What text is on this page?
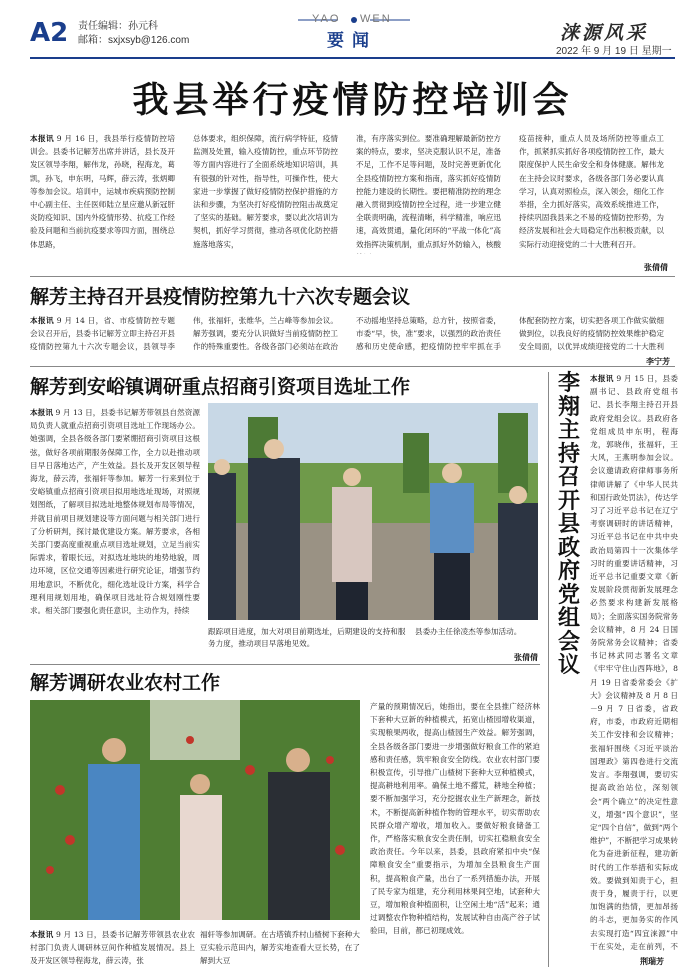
A2 责任编辑：孙元科
邮箱：sxjxsyb@126.com
YAO WEN
要闻	涞源风采
2022 年 9 月 19 日 星期一
我县举行疫情防控培训会
本报讯 9 月 16 日，我县举行疫情防控培训会。县委书记解芳出席并讲话，县长及开发区领导李翔，解伟龙，孙晓，程海龙，葛凯，孙飞，申东明，马辉，薛云涛，张炳卿等参加会议。培训中，运城市疾病预防控制中心副主任、主任医师陆立星应邀从新冠肝炎防疫知识、国内外疫情形势、抗疫工作经验及问题和当前抗疫要求等四方面，围绕总体思路，
总体要求，组织保障，流行病学特征，疫情监测及处置，输入疫情防控，重点环节防控等方面内容进行了全面系统地知识培训，具有很强的针对性，指导性，可操作性，使大家进一步掌握了做好疫情防控保护措施的方法和步骤，为坚决打好疫情防控阻击战奠定了坚实的基础。解芳要求，要以此次培训为契机，抓好学习贯彻，推动各项优化防控措施落地落实，
准，有序落实到位。要准确理解最新防控方案的特点，要求，坚决克服认识不足，准备不足，工作不足等问题，及时完善更新优化全县疫情防控方案和指南，落实抓好疫情防控能力建设的长期性。要把精准防控的理念融入贯彻到疫情防控全过程，进一步建立健全联责明确，流程清晰，科学精准，响应迅速，高效贯通，量化闭环的“平战一体化”高效指挥决策机制，重点抓好外防输入，核酸
疫苗接种，重点人员及场所防控等重点工作，抓紧抓实抓好各项疫情防控工作，最大限度保护人民生命安全和身体健康。解伟龙在主持会议时要求，各级各部门务必要认真学习，认真对照检点，深入领会，细化工作举措，全力抓好落实，高效系统推进工作，持续巩固我县来之不易的疫情防控形势，为经济发展和社会大局稳定作出积极贡献，以实际行动迎接党的二十大胜利召开。
张倩倩
解芳主持召开县疫情防控第九十六次专题会议
本报讯 9 月 14 日，省、市疫情防控专题会议召开后，县委书记解芳立即主持召开县疫情防控第九十六次专题会议，县领导李
伟，张福轩，张维华，兰占峰等参加会议。解芳强调，要充分认识做好当前疫情防控工作的特殊重要性。各级各部门必须站在政治
不动摇地坚持总策略，总方针，按照省委，市委“早，快，准”要求，以强烈的政治责任感和历史使命感，把疫情防控牢牢抓在手
体配套防控方案，切实把各项工作做实做细做到位，以我良好的疫情防控效果维护稳定安全局面，以优异成绩迎接党的二十大胜利
李宁芳
解芳到安峪镇调研重点招商引资项目选址工作
本报讯 9 月 13 日，县委书记解芳带领县自然资源局负责人就重点招商引资项目选址工作现场办公。她强调，全县各级各部门要紧绷招商引资项目这根弦，做好各项前期服务保障工作，全力以赴推动项目早日落地达产，产生效益。县长及开发区领导程海龙，薛云涛，张福轩等参加。解芳一行来到位于安峪镇重点招商引资项目拟用地选址现场，对照规划图纸，了解项目拟选址地整体规划布局等情况，并就目前项目规划建设等方面问题与相关部门进行了分析研判，探讨最优建设方案。解芳要求，各相关部门要高度重视重点项目选址规划，立足当前实际需求，着眼长远，对拟选址地块的地势地貌，周边环境，区位交通等因素进行研究论证，增强节约用地意识，不断优化，细化选址设计方案，科学合理利用规划用地，确保项目选址符合规划刚性要求。相关部门要强化责任意识，主动作为，持续
跟踪项目进度，加大对项目前期选址，后期建设的支持和服务力度，推动项目早落地见效。
县委办主任徐凌杰等参加活动。
张倩倩
李翔主持召开县政府党组会议
本报讯 9 月 15 日，县委副书记、县政府党组书记、县长李翔主持召开县政府党组会议。县政府各党组成员申东明，程海龙，郭晓伟，张福轩，王大风，王燕明参加会议。会议邀请政府律师事务所律师讲解了《中华人民共和国行政处罚法》，传达学习了习近平总书记在辽宁考察调研时的讲话精神，习近平总书记在中共中央政治局第四十一次集体学习时的重要讲话精神，习近平总书记重要文章《新发展阶段贯彻新发展理念必然要求构建新发展格局》；全面落实国务院常务会议精神，8 月 24 日国务院常务会议精神；省委书记林武同志署名文章《牢牢守住山西阵地》，8 月 19 日省委常委会《扩大》会议精神及 8 月 8 日－9 月 7 日省委，省政府，市委，市政府近期相关工作安排和会议精神；张福轩围绕《习近平谈治国理政》第四卷进行交流发言。李翔强调，要切实提高政治站位，深刻领会“两个确立”的决定性意义，增强“四个意识”，坚定“四个自信”，做到“两个维护”，不断把学习成果转化为奋进新征程，建功新时代的工作举措和实际成效。要做到知责于心，担责于身，履责于行，以更加饱满的热情，更加昂扬的斗志，更加务实的作风去实现打造“四宜涞源”中干在实处，走在前列，不
荆瑞芳
解芳调研农业农村工作
本报讯 9 月 13 日，县委书记解芳带领县农业农村部门负责人调研林豆间作种植发展情况。县上及开发区领导程海龙，薛云涛，张
福轩等参加调研。在古塔镇乔村山楂树下套种大豆实验示范田内，解芳实地查看大豆长势，在了解到大豆
产量的预期情况后，她指出，要在全县推广经济林下套种大豆新的种植模式，拓宽山楂园增收渠道，实现粮果两收，提高山楂园生产效益。解芳强调，全县各级各部门要进一步增强做好粮食工作的紧迫感和责任感，筑牢粮食安全防线。农业农村部门要积极宣传，引导推广山楂树下套种大豆种植模式，提高耕地利用率。确保土地不撂荒，耕地全种植；要不断加强学习，充分挖掘农业生产新理念，新技术，不断提高新种植作物的管理水平，切实帮助农民群众增产增收，增加收入。要做好粮食储备工作，严格落实粮食安全责任制，切实扛稳粮食安全政治责任。今年以来，县委，县政府紧扣中央“保障粮食安全”重要指示，为增加全县粮食生产面积，提高粮食产量，出台了一系列措施办法，开展了民专家为组建，充分利用林果间空地，试套种大豆，增加粮食种植面积，让空闲土地“活”起来；通过调整农作物种植结构，发展试种自由高产谷子试验田，目前，都已初现成效。
